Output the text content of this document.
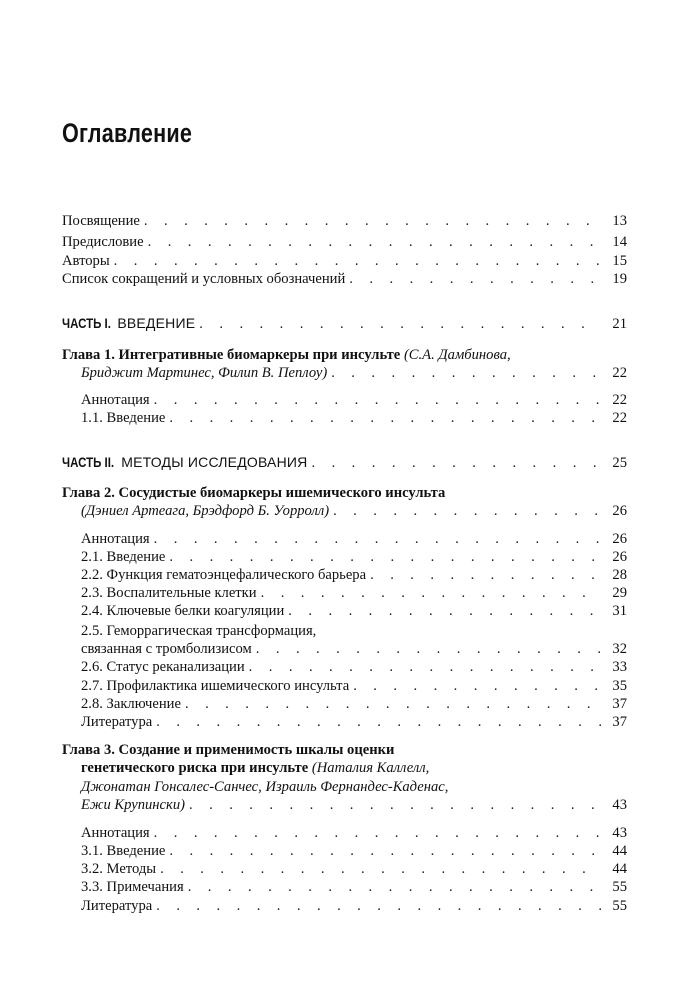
Оглавление
Посвящение . . .	13
Предисловие . . .	14
Авторы . . .	15
Список сокращений и условных обозначений . . .	19
ЧАСТЬ I. ВВЕДЕНИЕ . . .	21
Глава 1. Интегративные биомаркеры при инсульте (С.А. Дамбинова,
Бриджит Мартинес, Филип В. Пеплоу) . . .	22
Аннотация . . .	22
1.1. Введение . . .	22
ЧАСТЬ II. МЕТОДЫ ИССЛЕДОВАНИЯ . . .	25
Глава 2. Сосудистые биомаркеры ишемического инсульта
(Дэниел Артеага, Брэдфорд Б. Уорролл) . . .	26
Аннотация . . .	26
2.1. Введение . . .	26
2.2. Функция гематоэнцефалического барьера . . .	28
2.3. Воспалительные клетки . . .	29
2.4. Ключевые белки коагуляции . . .	31
2.5. Геморрагическая трансформация,
связанная с тромболизисом . . .	32
2.6. Статус реканализации . . .	33
2.7. Профилактика ишемического инсульта . . .	35
2.8. Заключение . . .	37
Литература . . .	37
Глава 3. Создание и применимость шкалы оценки
генетического риска при инсульте (Наталия Каллелл,
Джонатан Гонсалес-Санчес, Израиль Фернандес-Каденас,
Ежи Крупински) . . .	43
Аннотация . . .	43
3.1. Введение . . .	44
3.2. Методы . . .	44
3.3. Примечания . . .	55
Литература . . .	55
